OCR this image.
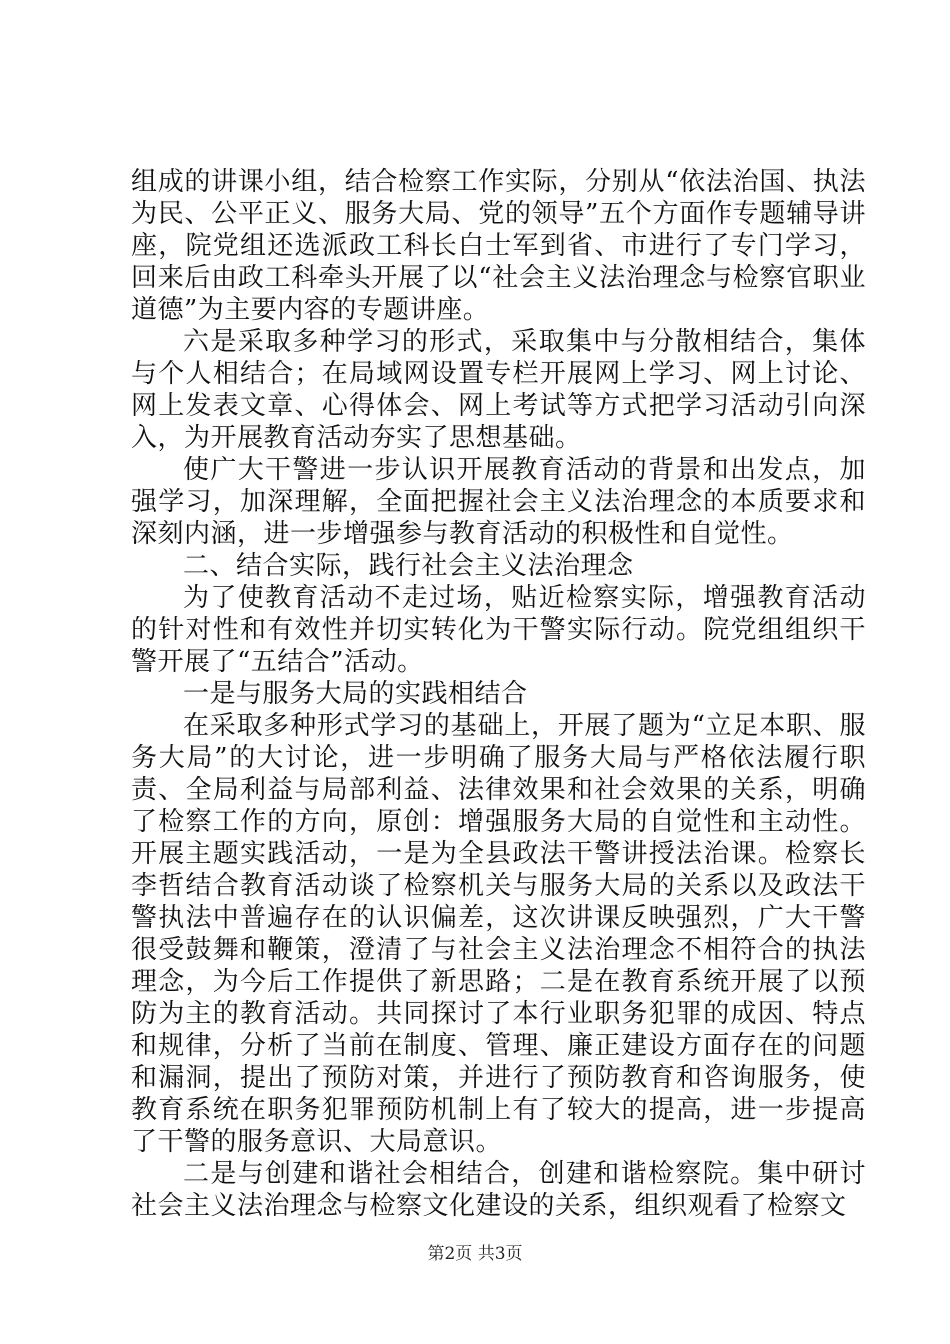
组成的讲课小组，结合检察工作实际，分别从“依法治国、执法为民、公平正义、服务大局、党的领导”五个方面作专题辅导讲座，院党组还选派政工科长白士军到省、市进行了专门学习，回来后由政工科牵头开展了以“社会主义法治理念与检察官职业道德”为主要内容的专题讲座。

六是采取多种学习的形式，采取集中与分散相结合，集体与个人相结合；在局域网设置专栏开展网上学习、网上讨论、网上发表文章、心得体会、网上考试等方式把学习活动引向深入，为开展教育活动夯实了思想基础。

使广大干警进一步认识开展教育活动的背景和出发点，加强学习，加深理解，全面把握社会主义法治理念的本质要求和深刻内涵，进一步增强参与教育活动的积极性和自觉性。

二、结合实际，践行社会主义法治理念

为了使教育活动不走过场，贴近检察实际，增强教育活动的针对性和有效性并切实转化为干警实际行动。院党组组织干警开展了“五结合”活动。

一是与服务大局的实践相结合

在采取多种形式学习的基础上，开展了题为“立足本职、服务大局”的大讨论，进一步明确了服务大局与严格依法履行职责、全局利益与局部利益、法律效果和社会效果的关系，明确了检察工作的方向，原创：增强服务大局的自觉性和主动性。开展主题实践活动，一是为全县政法干警讲授法治课。检察长李哲结合教育活动谈了检察机关与服务大局的关系以及政法干警执法中普遍存在的认识偏差，这次讲课反映强烈，广大干警很受鼓舞和鞭策，澄清了与社会主义法治理念不相符合的执法理念，为今后工作提供了新思路；二是在教育系统开展了以预防为主的教育活动。共同探讨了本行业职务犯罪的成因、特点和规律，分析了当前在制度、管理、廉正建设方面存在的问题和漏洞，提出了预防对策，并进行了预防教育和咨询服务，使教育系统在职务犯罪预防机制上有了较大的提高，进一步提高了干警的服务意识、大局意识。

二是与创建和谐社会相结合，创建和谐检察院。集中研讨社会主义法治理念与检察文化建设的关系，组织观看了检察文

第2页 共3页
